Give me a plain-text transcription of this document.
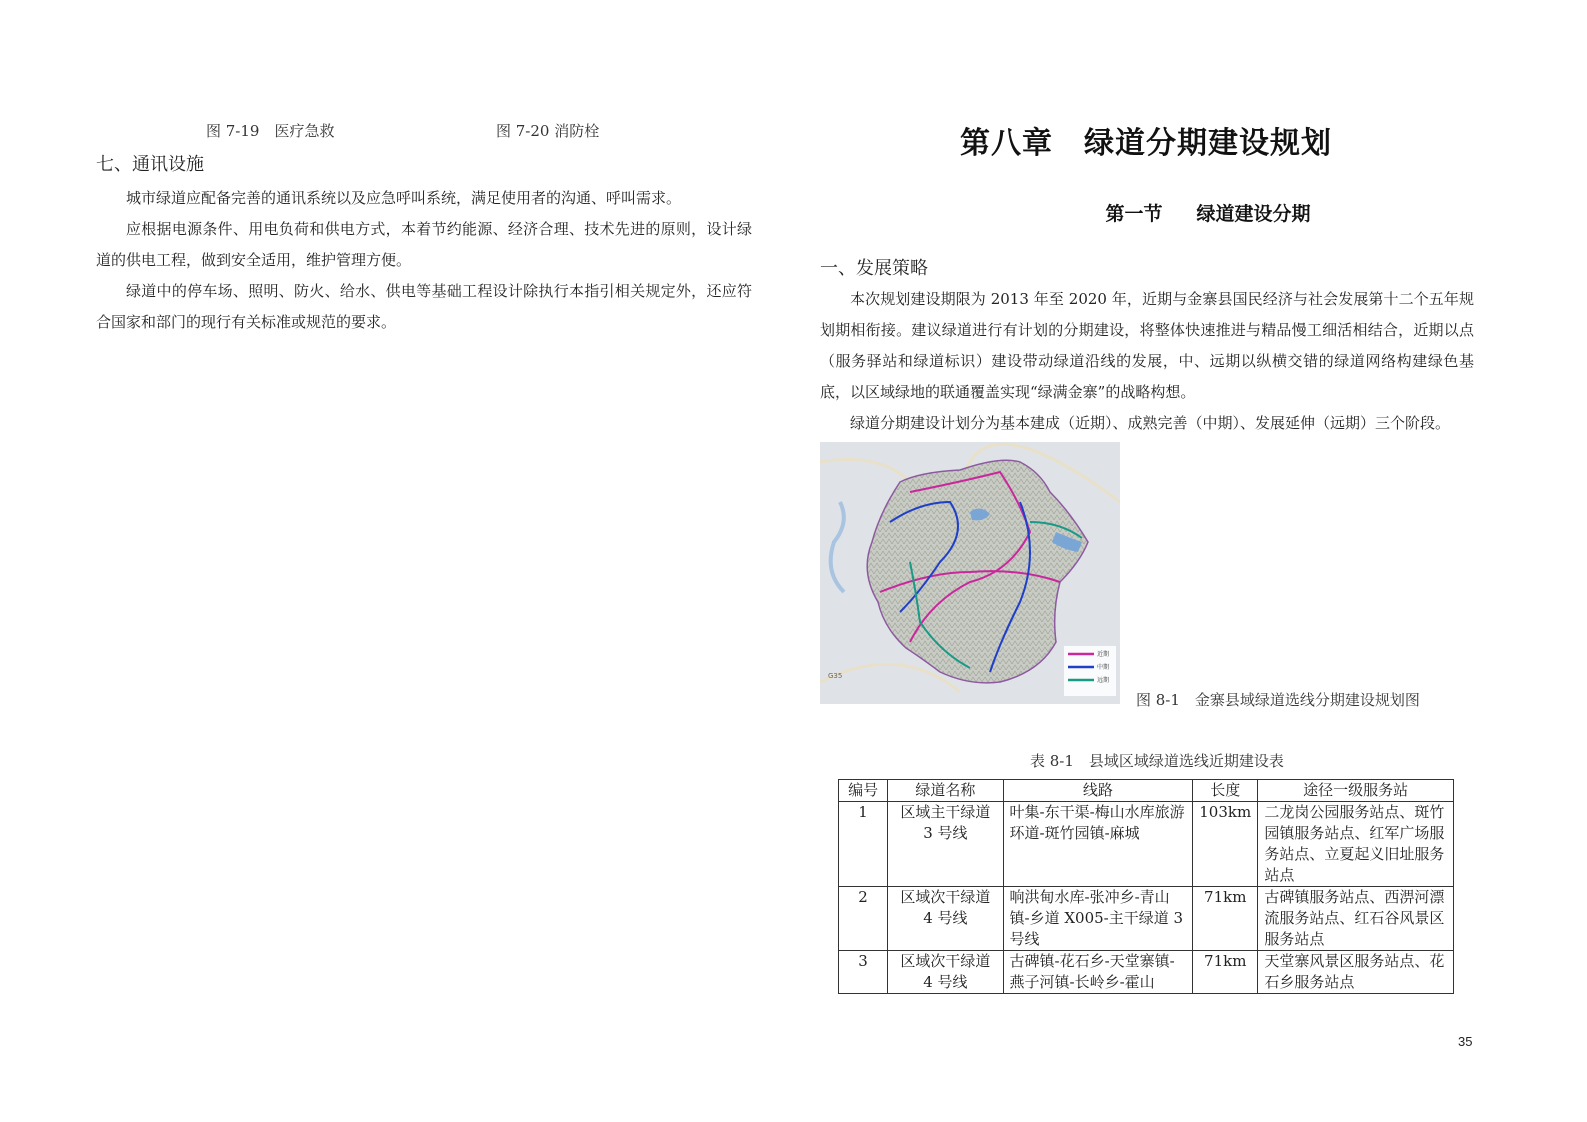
图 7-19　医疗急救	图 7-20 消防栓
七、通讯设施

城市绿道应配备完善的通讯系统以及应急呼叫系统，满足使用者的沟通、呼叫需求。

应根据电源条件、用电负荷和供电方式，本着节约能源、经济合理、技术先进的原则，设计绿道的供电工程，做到安全适用，维护管理方便。

绿道中的停车场、照明、防火、给水、供电等基础工程设计除执行本指引相关规定外，还应符合国家和部门的现行有关标准或规范的要求。

第八章　绿道分期建设规划
第一节 绿道建设分期
一、发展策略

本次规划建设期限为 2013 年至 2020 年，近期与金寨县国民经济与社会发展第十二个五年规划期相衔接。建议绿道进行有计划的分期建设，将整体快速推进与精品慢工细活相结合，近期以点（服务驿站和绿道标识）建设带动绿道沿线的发展，中、远期以纵横交错的绿道网络构建绿色基底，以区域绿地的联通覆盖实现“绿满金寨”的战略构想。

绿道分期建设计划分为基本建成（近期）、成熟完善（中期）、发展延伸（远期）三个阶段。

G35
近期
中期
远期
图 8-1　金寨县域绿道选线分期建设规划图
表 8-1　县域区域绿道选线近期建设表
编号	绿道名称	线路	长度	途径一级服务站
1	区域主干绿道 3 号线	叶集-东干渠-梅山水库旅游环道-斑竹园镇-麻城	103km	二龙岗公园服务站点、斑竹园镇服务站点、红军广场服务站点、立夏起义旧址服务站点
2	区域次干绿道 4 号线	响洪甸水库-张冲乡-青山镇-乡道 X005-主干绿道 3 号线	71km	古碑镇服务站点、西淠河漂流服务站点、红石谷风景区服务站点
3	区域次干绿道 4 号线	古碑镇-花石乡-天堂寨镇-燕子河镇-长岭乡-霍山	71km	天堂寨风景区服务站点、花石乡服务站点
35
